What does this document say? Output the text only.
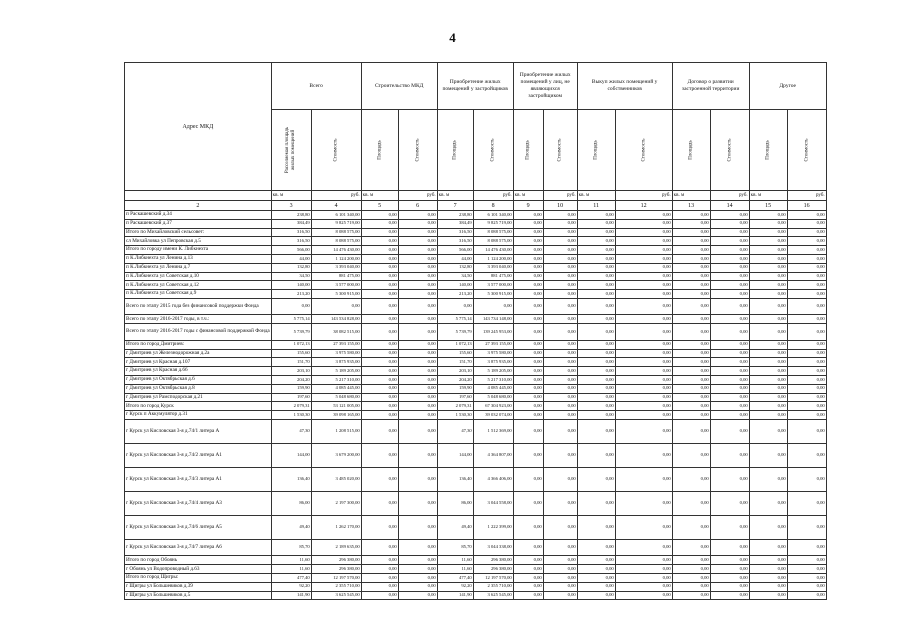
4
Адрес МКД	Всего		Строительство МКД		Приобретение жилых помещений у застройщиков		Приобретение жилых помещений у лиц, не являющихся застройщиком		Выкуп жилых помещений у собственников		Договор о развитии застроенной территории		Другое	

	Расселяемая площадь жилых помещений	Стоимость	Площадь	Стоимость	Площадь	Стоимость	Площадь	Стоимость	Площадь	Стоимость	Площадь	Стоимость	Площадь	Стоимость

	кв. м	руб.	кв. м	руб.	кв. м	руб.	кв. м	руб.	кв. м	руб.	кв. м	руб.	кв. м	руб.
2	3	4	5	6	7	8	9	10	11	12	13	14	15	16
п Раскашевский д.34	238,80	6 101 340,00	0,00	0,00	238,80	6 101 340,00	0,00	0,00	0,00	0,00	0,00	0,00	0,00	0,00
п Раскашевский д.37	384,49	9 825 719,00	0,00	0,00	384,49	9 825 719,00	0,00	0,00	0,00	0,00	0,00	0,00	0,00	0,00
Итого по Михайловский сельсовет:	316,50	8 088 575,00	0,00	0,00	316,50	8 088 575,00	0,00	0,00	0,00	0,00	0,00	0,00	0,00	0,00
сл Михайловка ул Пепровская д.5	316,50	8 088 575,00	0,00	0,00	316,50	8 088 575,00	0,00	0,00	0,00	0,00	0,00	0,00	0,00	0,00
Итого по городу имени К. Либкнехта	566,00	14 476 430,00	0,00	0,00	566,00	14 476 430,00	0,00	0,00	0,00	0,00	0,00	0,00	0,00	0,00
п К.Либкнехта ул Ленина д.13	44,00	1 124 200,00	0,00	0,00	44,00	1 124 200,00	0,00	0,00	0,00	0,00	0,00	0,00	0,00	0,00
п К.Либкнехта ул Ленина д.7	132,80	3 393 040,00	0,00	0,00	132,80	3 393 040,00	0,00	0,00	0,00	0,00	0,00	0,00	0,00	0,00
п К.Либкнехта ул Советская д.10	34,50	881 475,00	0,00	0,00	34,50	881 475,00	0,00	0,00	0,00	0,00	0,00	0,00	0,00	0,00
п К.Либкнехта ул Советская д.12	140,00	3 577 000,00	0,00	0,00	140,00	3 577 000,00	0,00	0,00	0,00	0,00	0,00	0,00	0,00	0,00
п К.Либкнехта ул Советская д.9	213,20	5 300 915,00	0,00	0,00	213,20	5 300 915,00	0,00	0,00	0,00	0,00	0,00	0,00	0,00	0,00
Всего по этапу 2015 года без финансовой поддержки Фонда	0,00	0,00	0,00	0,00	0,00	0,00	0,00	0,00	0,00	0,00	0,00	0,00	0,00	0,00
Всего по этапу 2016-2017 годы, в т.ч.:	5 775,14	143 534 828,00	0,00	0,00	5 775,14	143 734 148,00	0,00	0,00	0,00	0,00	0,00	0,00	0,00	0,00
Всего по этапу 2016-2017 годы с финансовой поддержкой Фонда	5 739,79	38 082 515,00	0,00	0,00	5 739,79	139 245 953,00	0,00	0,00	0,00	0,00	0,00	0,00	0,00	0,00
Итого по город Дмитриев:	1 072,13	27 393 155,00	0,00	0,00	1 072,13	27 393 155,00	0,00	0,00	0,00	0,00	0,00	0,00	0,00	0,00
г Дмитриев ул Железнодорожная д.2а	155,60	3 975 580,00	0,00	0,00	155,60	3 975 580,00	0,00	0,00	0,00	0,00	0,00	0,00	0,00	0,00
г Дмитриев ул Красная д.107	151,70	3 875 935,00	0,00	0,00	151,70	3 875 935,00	0,00	0,00	0,00	0,00	0,00	0,00	0,00	0,00
г Дмитриев ул Красная д.66	203,10	5 189 205,00	0,00	0,00	203,10	5 189 205,00	0,00	0,00	0,00	0,00	0,00	0,00	0,00	0,00
г Дмитриев ул Октябрьская д.6	204,20	5 217 310,00	0,00	0,00	204,20	5 217 310,00	0,00	0,00	0,00	0,00	0,00	0,00	0,00	0,00
г Дмитриев ул Октябрьская д.8	159,90	4 085 445,00	0,00	0,00	159,90	4 085 445,00	0,00	0,00	0,00	0,00	0,00	0,00	0,00	0,00
г Дмитриев ул Рамсподорская д.21	197,60	5 048 680,00	0,00	0,00	197,60	5 048 680,00	0,00	0,00	0,00	0,00	0,00	0,00	0,00	0,00
Итого по город Курск	2 079,31	53 121 005,00	0,00	0,00	2 079,31	67 304 923,00	0,00	0,00	0,00	0,00	0,00	0,00	0,00	0,00
г Курск п Аккумулятор д.31	1 530,30	39 098 165,00	0,00	0,00	1 530,30	39 032 074,00	0,00	0,00	0,00	0,00	0,00	0,00	0,00	0,00
г Курск ул Кисловская 3-я д.74/1 литера А	47,30	1 208 515,00	0,00	0,00	47,30	1 512 369,00	0,00	0,00	0,00	0,00	0,00	0,00	0,00	0,00
г Курск ул Кисловская 3-я д.74/2 литера А1	144,00	3 679 200,00	0,00	0,00	144,00	4 364 807,00	0,00	0,00	0,00	0,00	0,00	0,00	0,00	0,00
г Курск ул Кисловская 3-я д.74/3 литера А1	136,40	3 485 020,00	0,00	0,00	136,40	4 366 406,00	0,00	0,00	0,00	0,00	0,00	0,00	0,00	0,00
г Курск ул Кисловская 3-я д.74/4 литера А3	86,00	2 197 300,00	0,00	0,00	86,00	3 044 558,00	0,00	0,00	0,00	0,00	0,00	0,00	0,00	0,00
г Курск ул Кисловская 3-я д.74/6 литера А5	49,40	1 262 170,00	0,00	0,00	49,40	1 222 399,00	0,00	0,00	0,00	0,00	0,00	0,00	0,00	0,00
г Курск ул Кисловская 3-я д.74/7 литера А6	85,70	2 189 635,00	0,00	0,00	85,70	3 044 338,00	0,00	0,00	0,00	0,00	0,00	0,00	0,00	0,00
Итого по город Обоянь	11,60	296 380,00	0,00	0,00	11,60	296 380,00	0,00	0,00	0,00	0,00	0,00	0,00	0,00	0,00
г Обоянь ул Водопроводный д.63	11,60	296 380,00	0,00	0,00	11,60	296 380,00	0,00	0,00	0,00	0,00	0,00	0,00	0,00	0,00
Итого по город Щигры:	477,40	12 197 570,00	0,00	0,00	477,40	12 197 570,00	0,00	0,00	0,00	0,00	0,00	0,00	0,00	0,00
г Щигры ул Большевиков д.39	92,20	2 355 710,00	0,00	0,00	92,20	2 355 710,00	0,00	0,00	0,00	0,00	0,00	0,00	0,00	0,00
г Щигры ул Большевиков д.5	141,90	3 625 545,00	0,00	0,00	141,90	3 625 545,00	0,00	0,00	0,00	0,00	0,00	0,00	0,00	0,00
